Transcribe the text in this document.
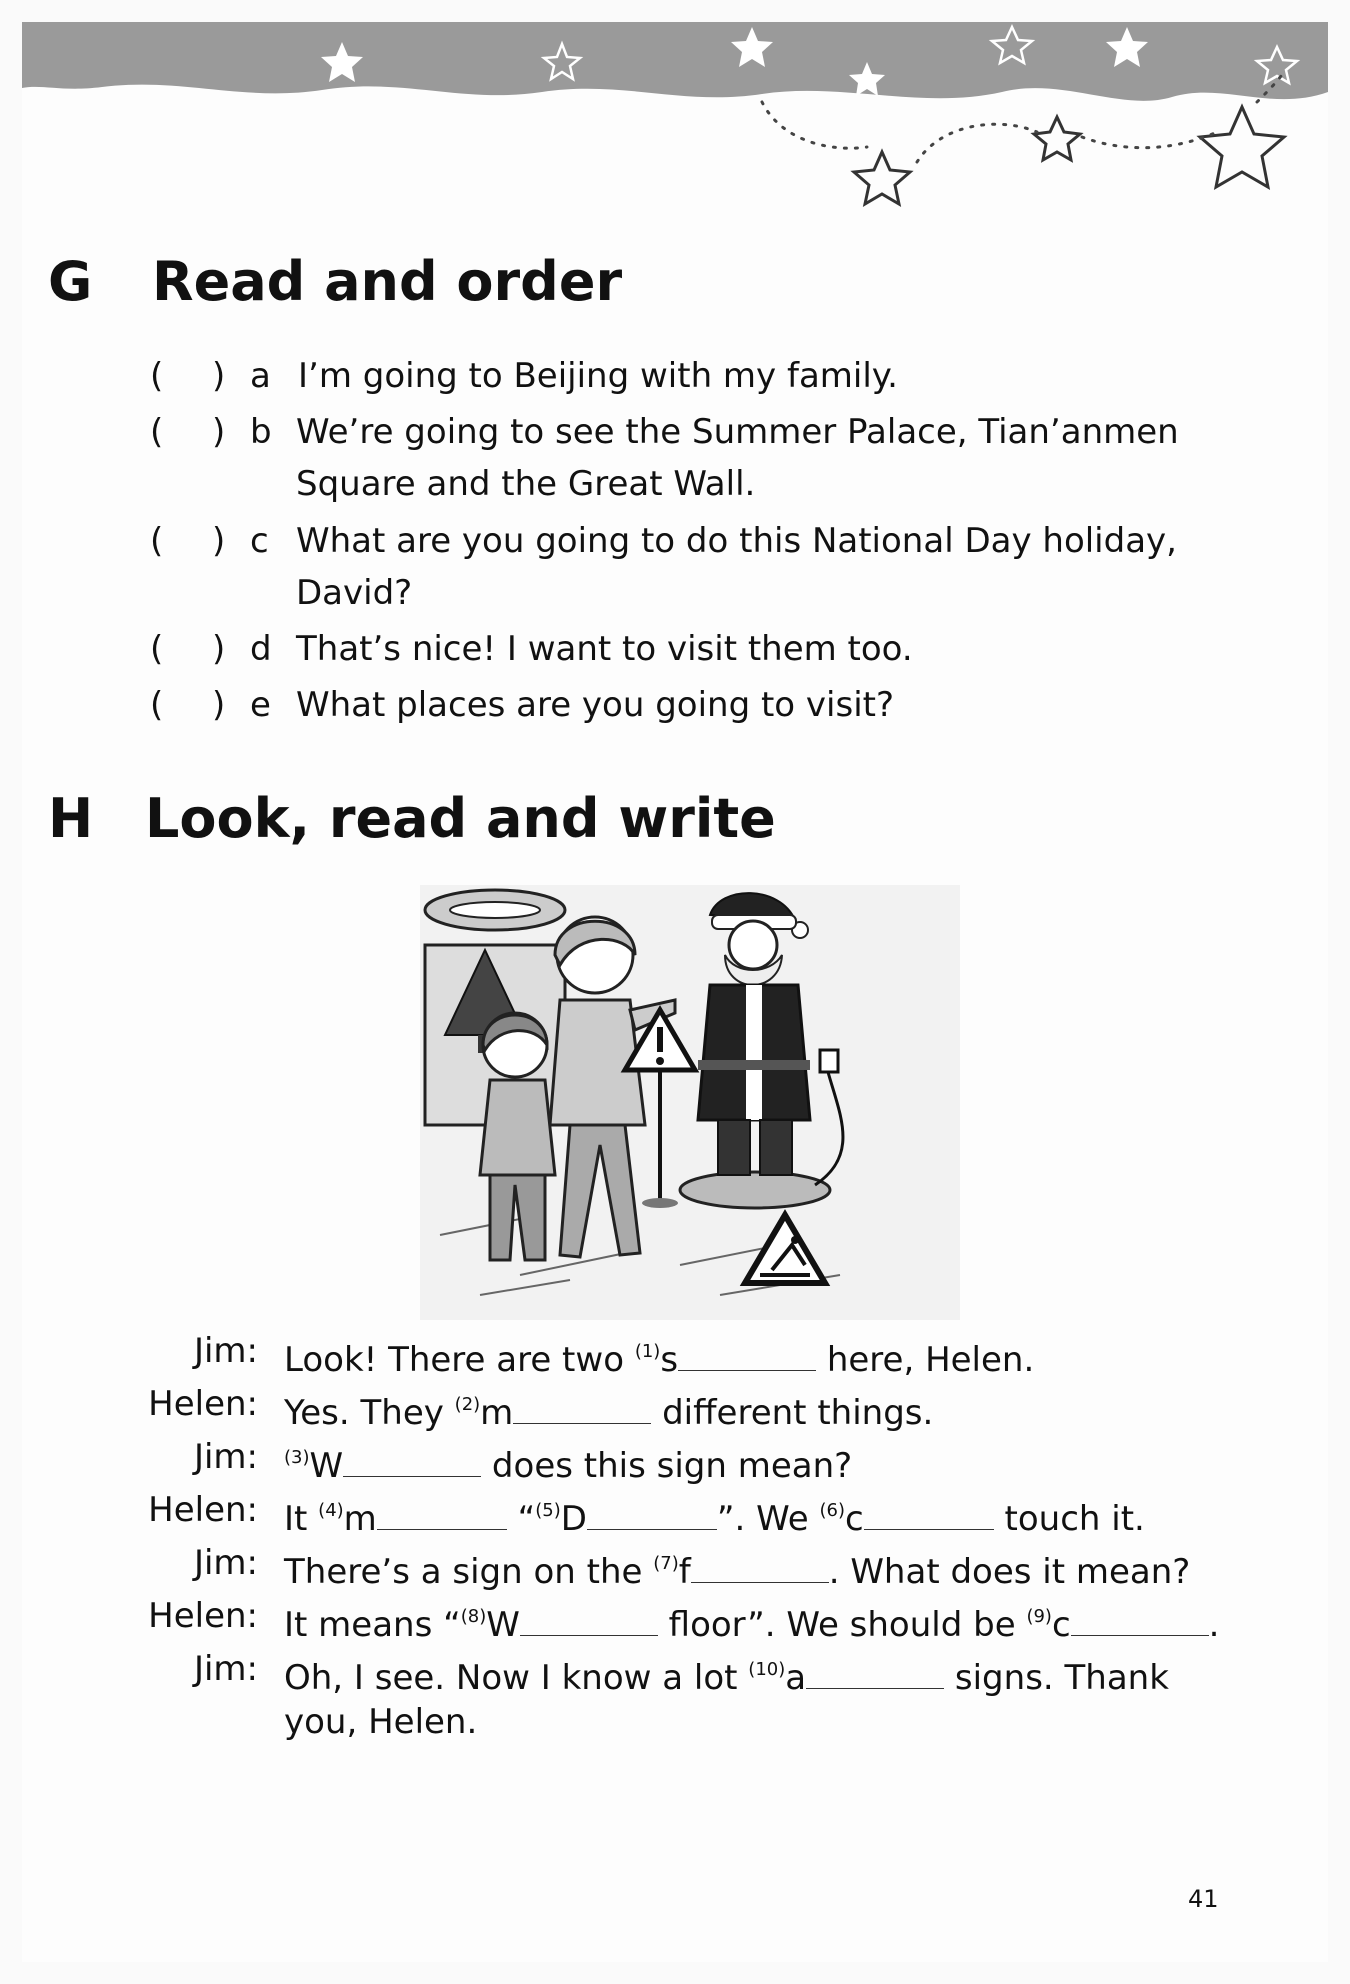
G Read and order
a I’m going to Beijing with my family.
b We’re going to see the Summer Palace, Tian’anmen
Square and the Great Wall.
c What are you going to do this National Day holiday,
David?
d That’s nice! I want to visit them too.
e What places are you going to visit?
H Look, read and write
Jim: Look! There are two $^{(1)}$s	here, Helen.
Helen: Yes. They $^{(2)}$m	different things.
Jim: $^{(3)}$W	does this sign mean?
Helen: It $^{(4)}$m	“$^{(5)}$D	”. We $^{(6)}$c	touch it.
Jim: There’s a sign on the $^{(7)}$f	. What does it mean?
Helen: It means “$^{(8)}$W	floor”. We should be $^{(9)}$c	.
Jim: Oh, I see. Now I know a lot $^{(10)}$a	signs. Thank
you, Helen.
41
